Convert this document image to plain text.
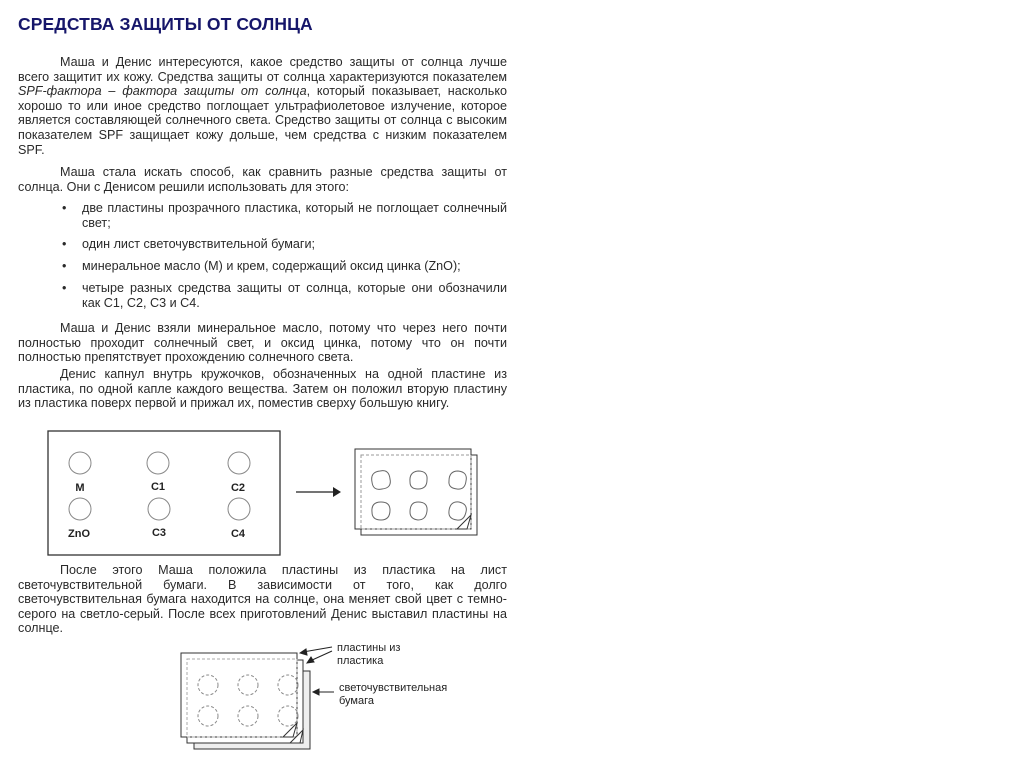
СРЕДСТВА ЗАЩИТЫ ОТ СОЛНЦА
Маша и Денис интересуются, какое средство защиты от солнца лучше всего защитит их кожу. Средства защиты от солнца характеризуются показателем SPF-фактора – фактора защиты от солнца, который показывает, насколько хорошо то или иное средство поглощает ультрафиолетовое излучение, которое является составляющей солнечного света. Средство защиты от солнца с высоким показателем SPF защищает кожу дольше, чем средства с низким показателем SPF.
Маша стала искать способ, как сравнить разные средства защиты от солнца. Они с Денисом решили использовать для этого:
• две пластины прозрачного пластика, который не поглощает солнечный свет;
• один лист светочувствительной бумаги;
• минеральное масло (M) и крем, содержащий оксид цинка (ZnO);
• четыре разных средства защиты от солнца, которые они обозначили как С1, С2, С3 и С4.
Маша и Денис взяли минеральное масло, потому что через него почти полностью проходит солнечный свет, и оксид цинка, потому что он почти полностью препятствует прохождению солнечного света.
Денис капнул внутрь кружочков, обозначенных на одной пластине из пластика, по одной капле каждого вещества. Затем он положил вторую пластину из пластика поверх первой и прижал их, поместив сверху большую книгу.
M	C1	C2
ZnO	C3	C4
После этого Маша положила пластины из пластика на лист светочувствительной бумаги. В зависимости от того, как долго светочувствительная бумага находится на солнце, она меняет свой цвет с темно-серого на светло-серый. После всех приготовлений Денис выставил пластины на солнце.
пластины из
пластика
светочувствительная
бумага
